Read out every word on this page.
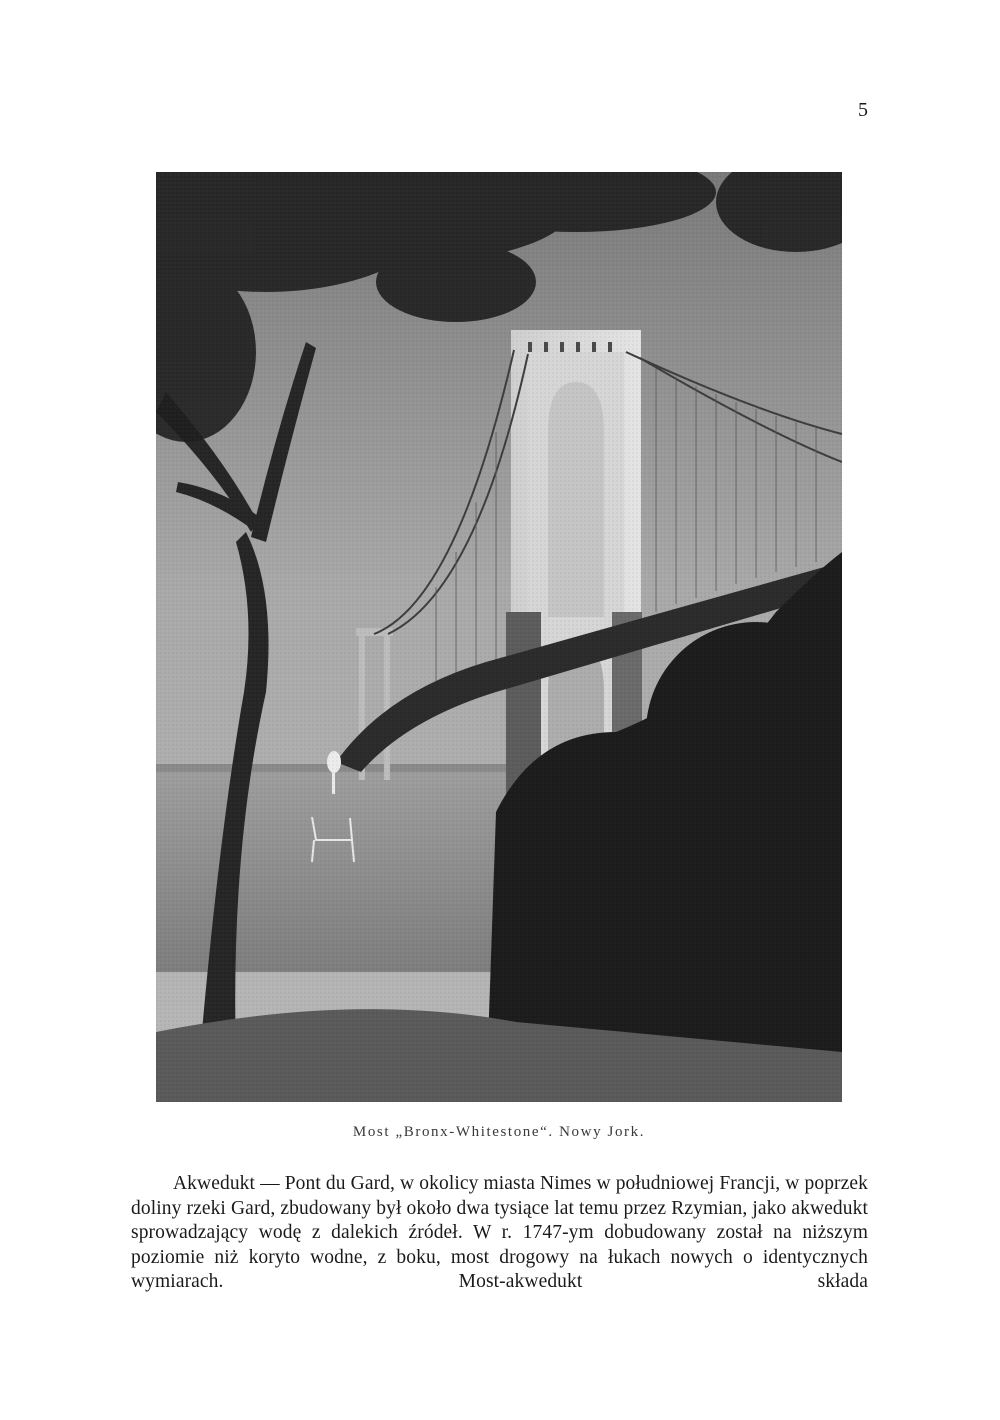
5
Most „Bronx-Whitestone“. Nowy Jork.

Akwedukt — Pont du Gard, w okolicy miasta Nimes w południowej Francji, w poprzek doliny rzeki Gard, zbudowany był około dwa tysiące lat temu przez Rzymian, jako akwedukt sprowadzający wodę z dalekich źródeł. W r. 1747-ym dobudowany został na niższym poziomie niż koryto wodne, z boku, most drogowy na łukach nowych o identycznych wymiarach. Most-akwedukt składa
